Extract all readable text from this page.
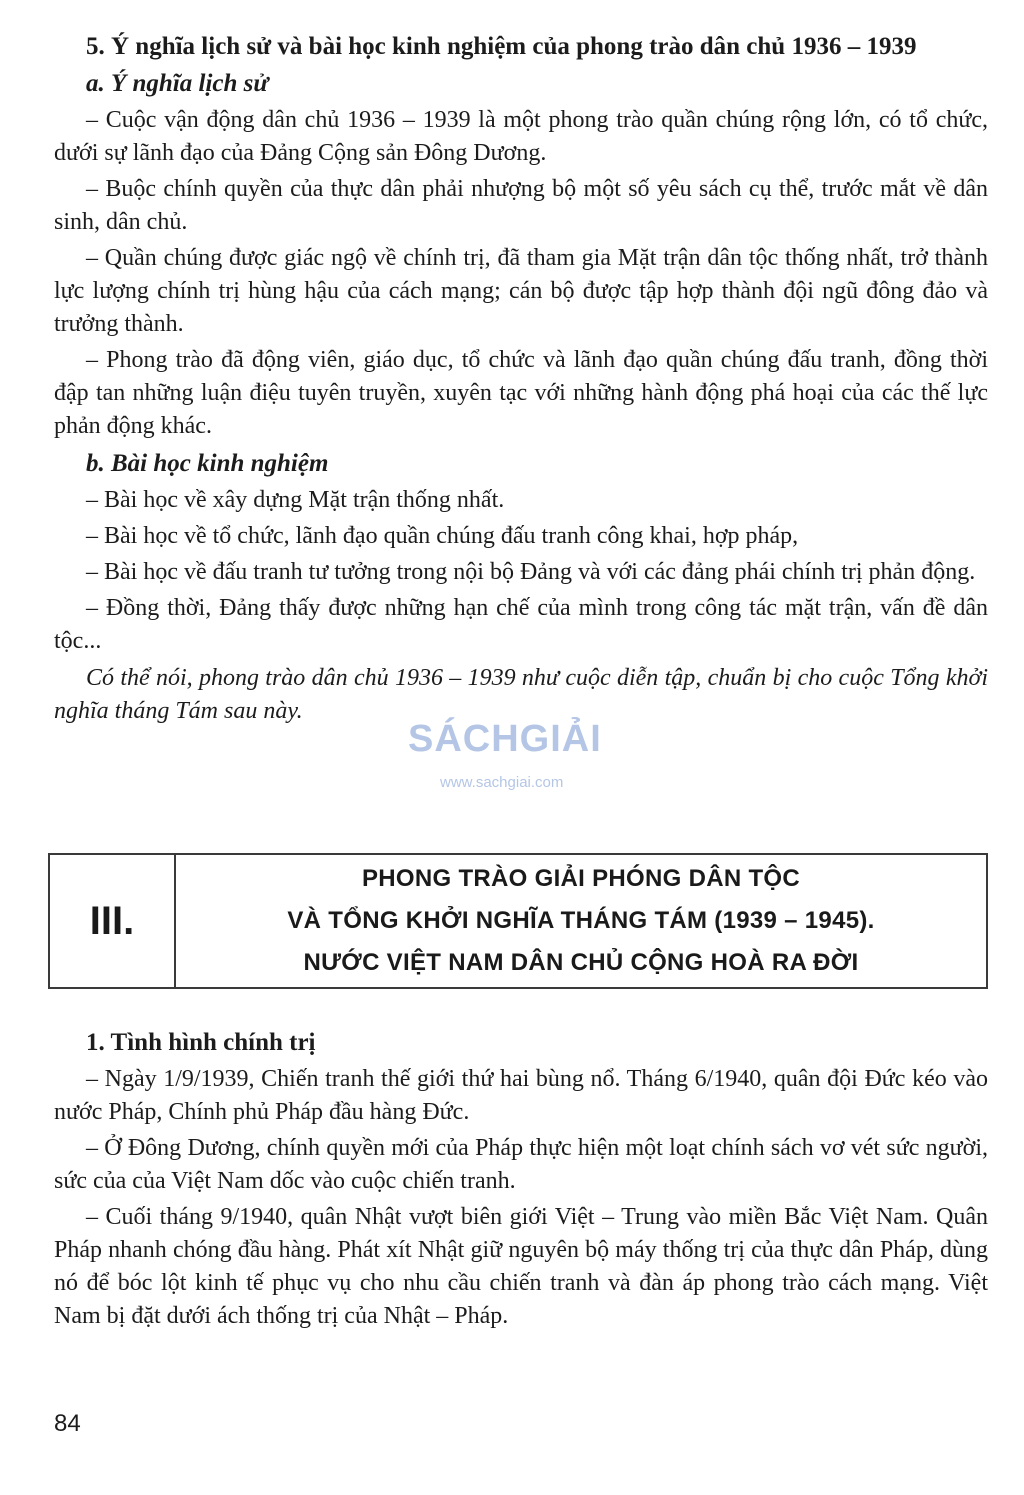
5. Ý nghĩa lịch sử và bài học kinh nghiệm của phong trào dân chủ 1936 – 1939
a. Ý nghĩa lịch sử

– Cuộc vận động dân chủ 1936 – 1939 là một phong trào quần chúng rộng lớn, có tổ chức, dưới sự lãnh đạo của Đảng Cộng sản Đông Dương.

– Buộc chính quyền của thực dân phải nhượng bộ một số yêu sách cụ thể, trước mắt về dân sinh, dân chủ.

– Quần chúng được giác ngộ về chính trị, đã tham gia Mặt trận dân tộc thống nhất, trở thành lực lượng chính trị hùng hậu của cách mạng; cán bộ được tập hợp thành đội ngũ đông đảo và trưởng thành.

– Phong trào đã động viên, giáo dục, tổ chức và lãnh đạo quần chúng đấu tranh, đồng thời đập tan những luận điệu tuyên truyền, xuyên tạc với những hành động phá hoại của các thế lực phản động khác.

b. Bài học kinh nghiệm

– Bài học về xây dựng Mặt trận thống nhất.

– Bài học về tổ chức, lãnh đạo quần chúng đấu tranh công khai, hợp pháp,

– Bài học về đấu tranh tư tưởng trong nội bộ Đảng và với các đảng phái chính trị phản động.

– Đồng thời, Đảng thấy được những hạn chế của mình trong công tác mặt trận, vấn đề dân tộc...

Có thể nói, phong trào dân chủ 1936 – 1939 như cuộc diễn tập, chuẩn bị cho cuộc Tổng khởi nghĩa tháng Tám sau này.

SÁCHGIẢI
www.sachgiai.com
III.
PHONG TRÀO GIẢI PHÓNG DÂN TỘC
VÀ TỔNG KHỞI NGHĨA THÁNG TÁM (1939 – 1945).
NƯỚC VIỆT NAM DÂN CHỦ CỘNG HOÀ RA ĐỜI
1. Tình hình chính trị

– Ngày 1/9/1939, Chiến tranh thế giới thứ hai bùng nổ. Tháng 6/1940, quân đội Đức kéo vào nước Pháp, Chính phủ Pháp đầu hàng Đức.

– Ở Đông Dương, chính quyền mới của Pháp thực hiện một loạt chính sách vơ vét sức người, sức của của Việt Nam dốc vào cuộc chiến tranh.

– Cuối tháng 9/1940, quân Nhật vượt biên giới Việt – Trung vào miền Bắc Việt Nam. Quân Pháp nhanh chóng đầu hàng. Phát xít Nhật giữ nguyên bộ máy thống trị của thực dân Pháp, dùng nó để bóc lột kinh tế phục vụ cho nhu cầu chiến tranh và đàn áp phong trào cách mạng. Việt Nam bị đặt dưới ách thống trị của Nhật – Pháp.

84
